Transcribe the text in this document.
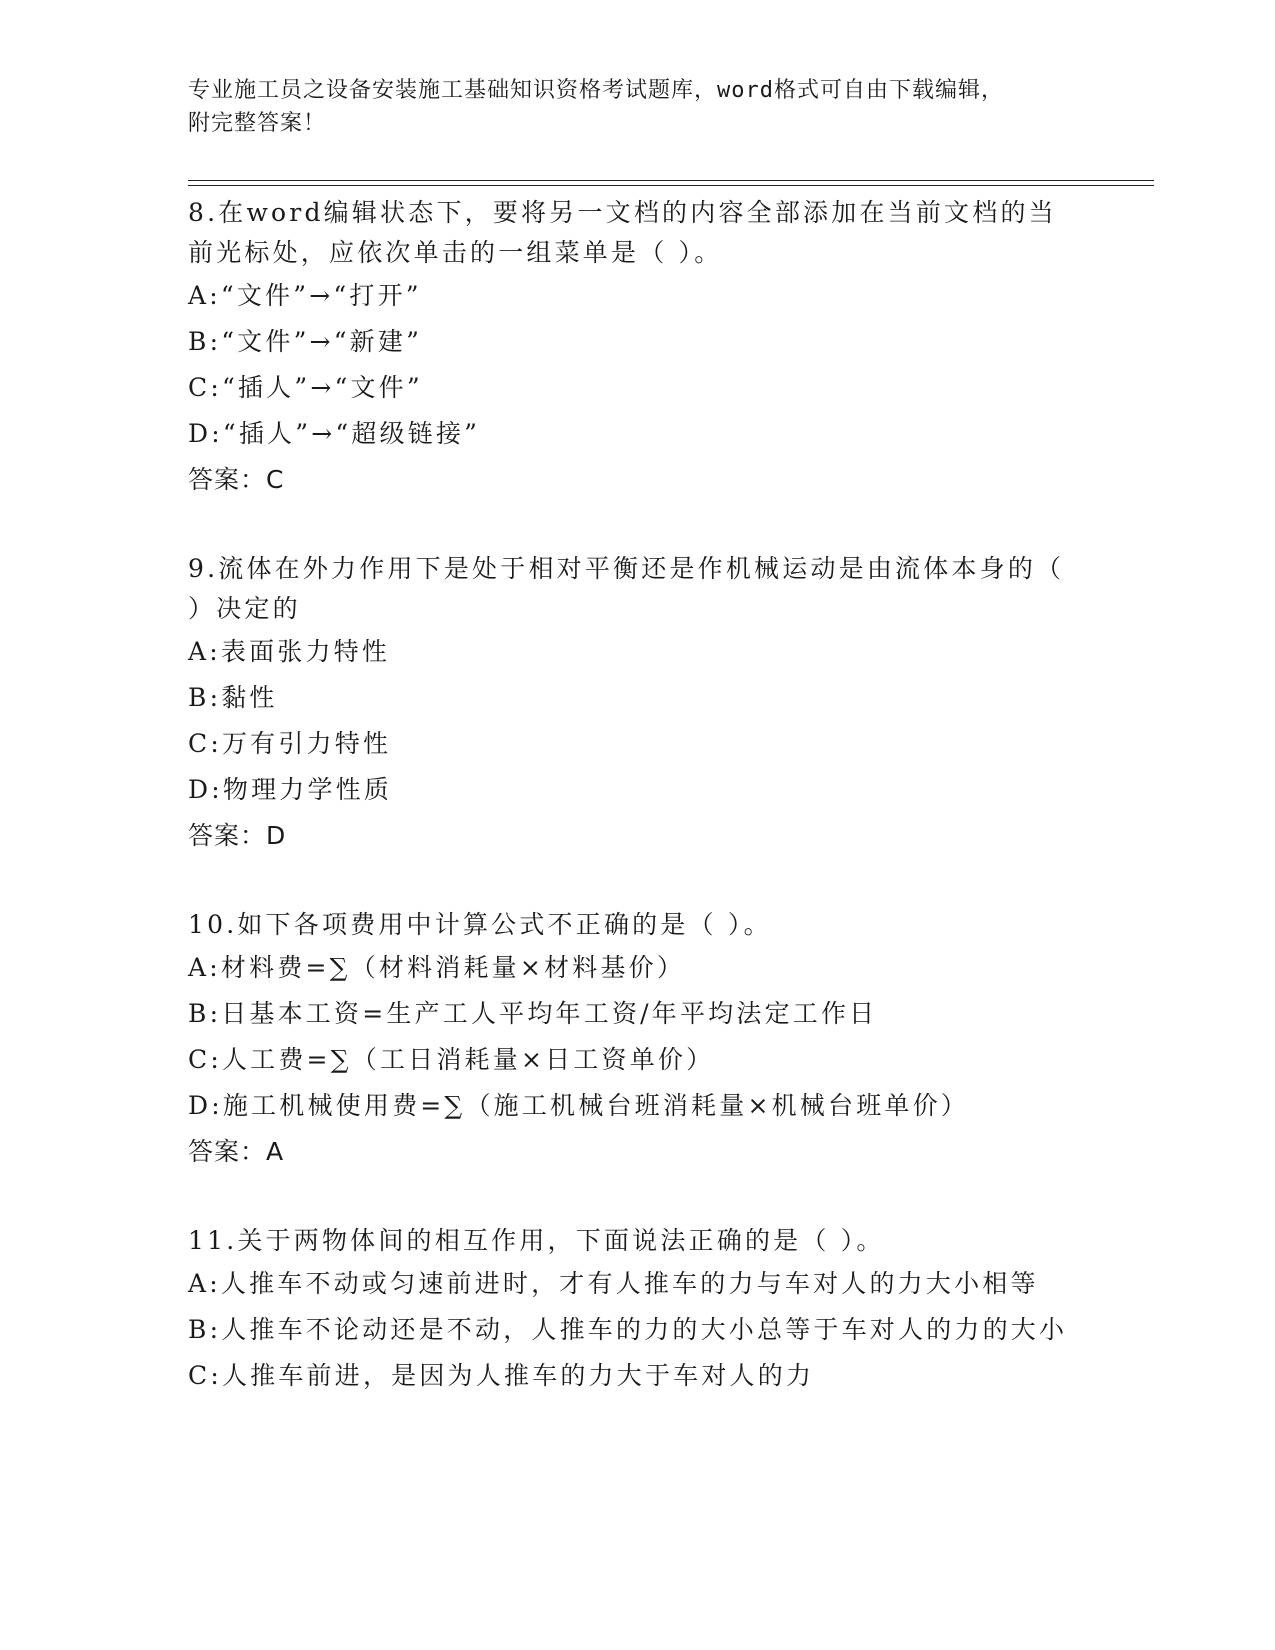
专业施工员之设备安装施工基础知识资格考试题库，word格式可自由下载编辑，
附完整答案！
8.在word编辑状态下，要将另一文档的内容全部添加在当前文档的当前光标处，应依次单击的一组菜单是（ ）。
A:“文件”→“打开”
B:“文件”→“新建”
C:“插人”→“文件”
D:“插人”→“超级链接”
答案：C
9.流体在外力作用下是处于相对平衡还是作机械运动是由流体本身的（ ）决定的
A:表面张力特性
B:黏性
C:万有引力特性
D:物理力学性质
答案：D
10.如下各项费用中计算公式不正确的是（ ）。
A:材料费=∑（材料消耗量×材料基价）
B:日基本工资=生产工人平均年工资/年平均法定工作日
C:人工费=∑（工日消耗量×日工资单价）
D:施工机械使用费=∑（施工机械台班消耗量×机械台班单价）
答案：A
11.关于两物体间的相互作用，下面说法正确的是（ ）。
A:人推车不动或匀速前进时，才有人推车的力与车对人的力大小相等
B:人推车不论动还是不动，人推车的力的大小总等于车对人的力的大小
C:人推车前进，是因为人推车的力大于车对人的力
